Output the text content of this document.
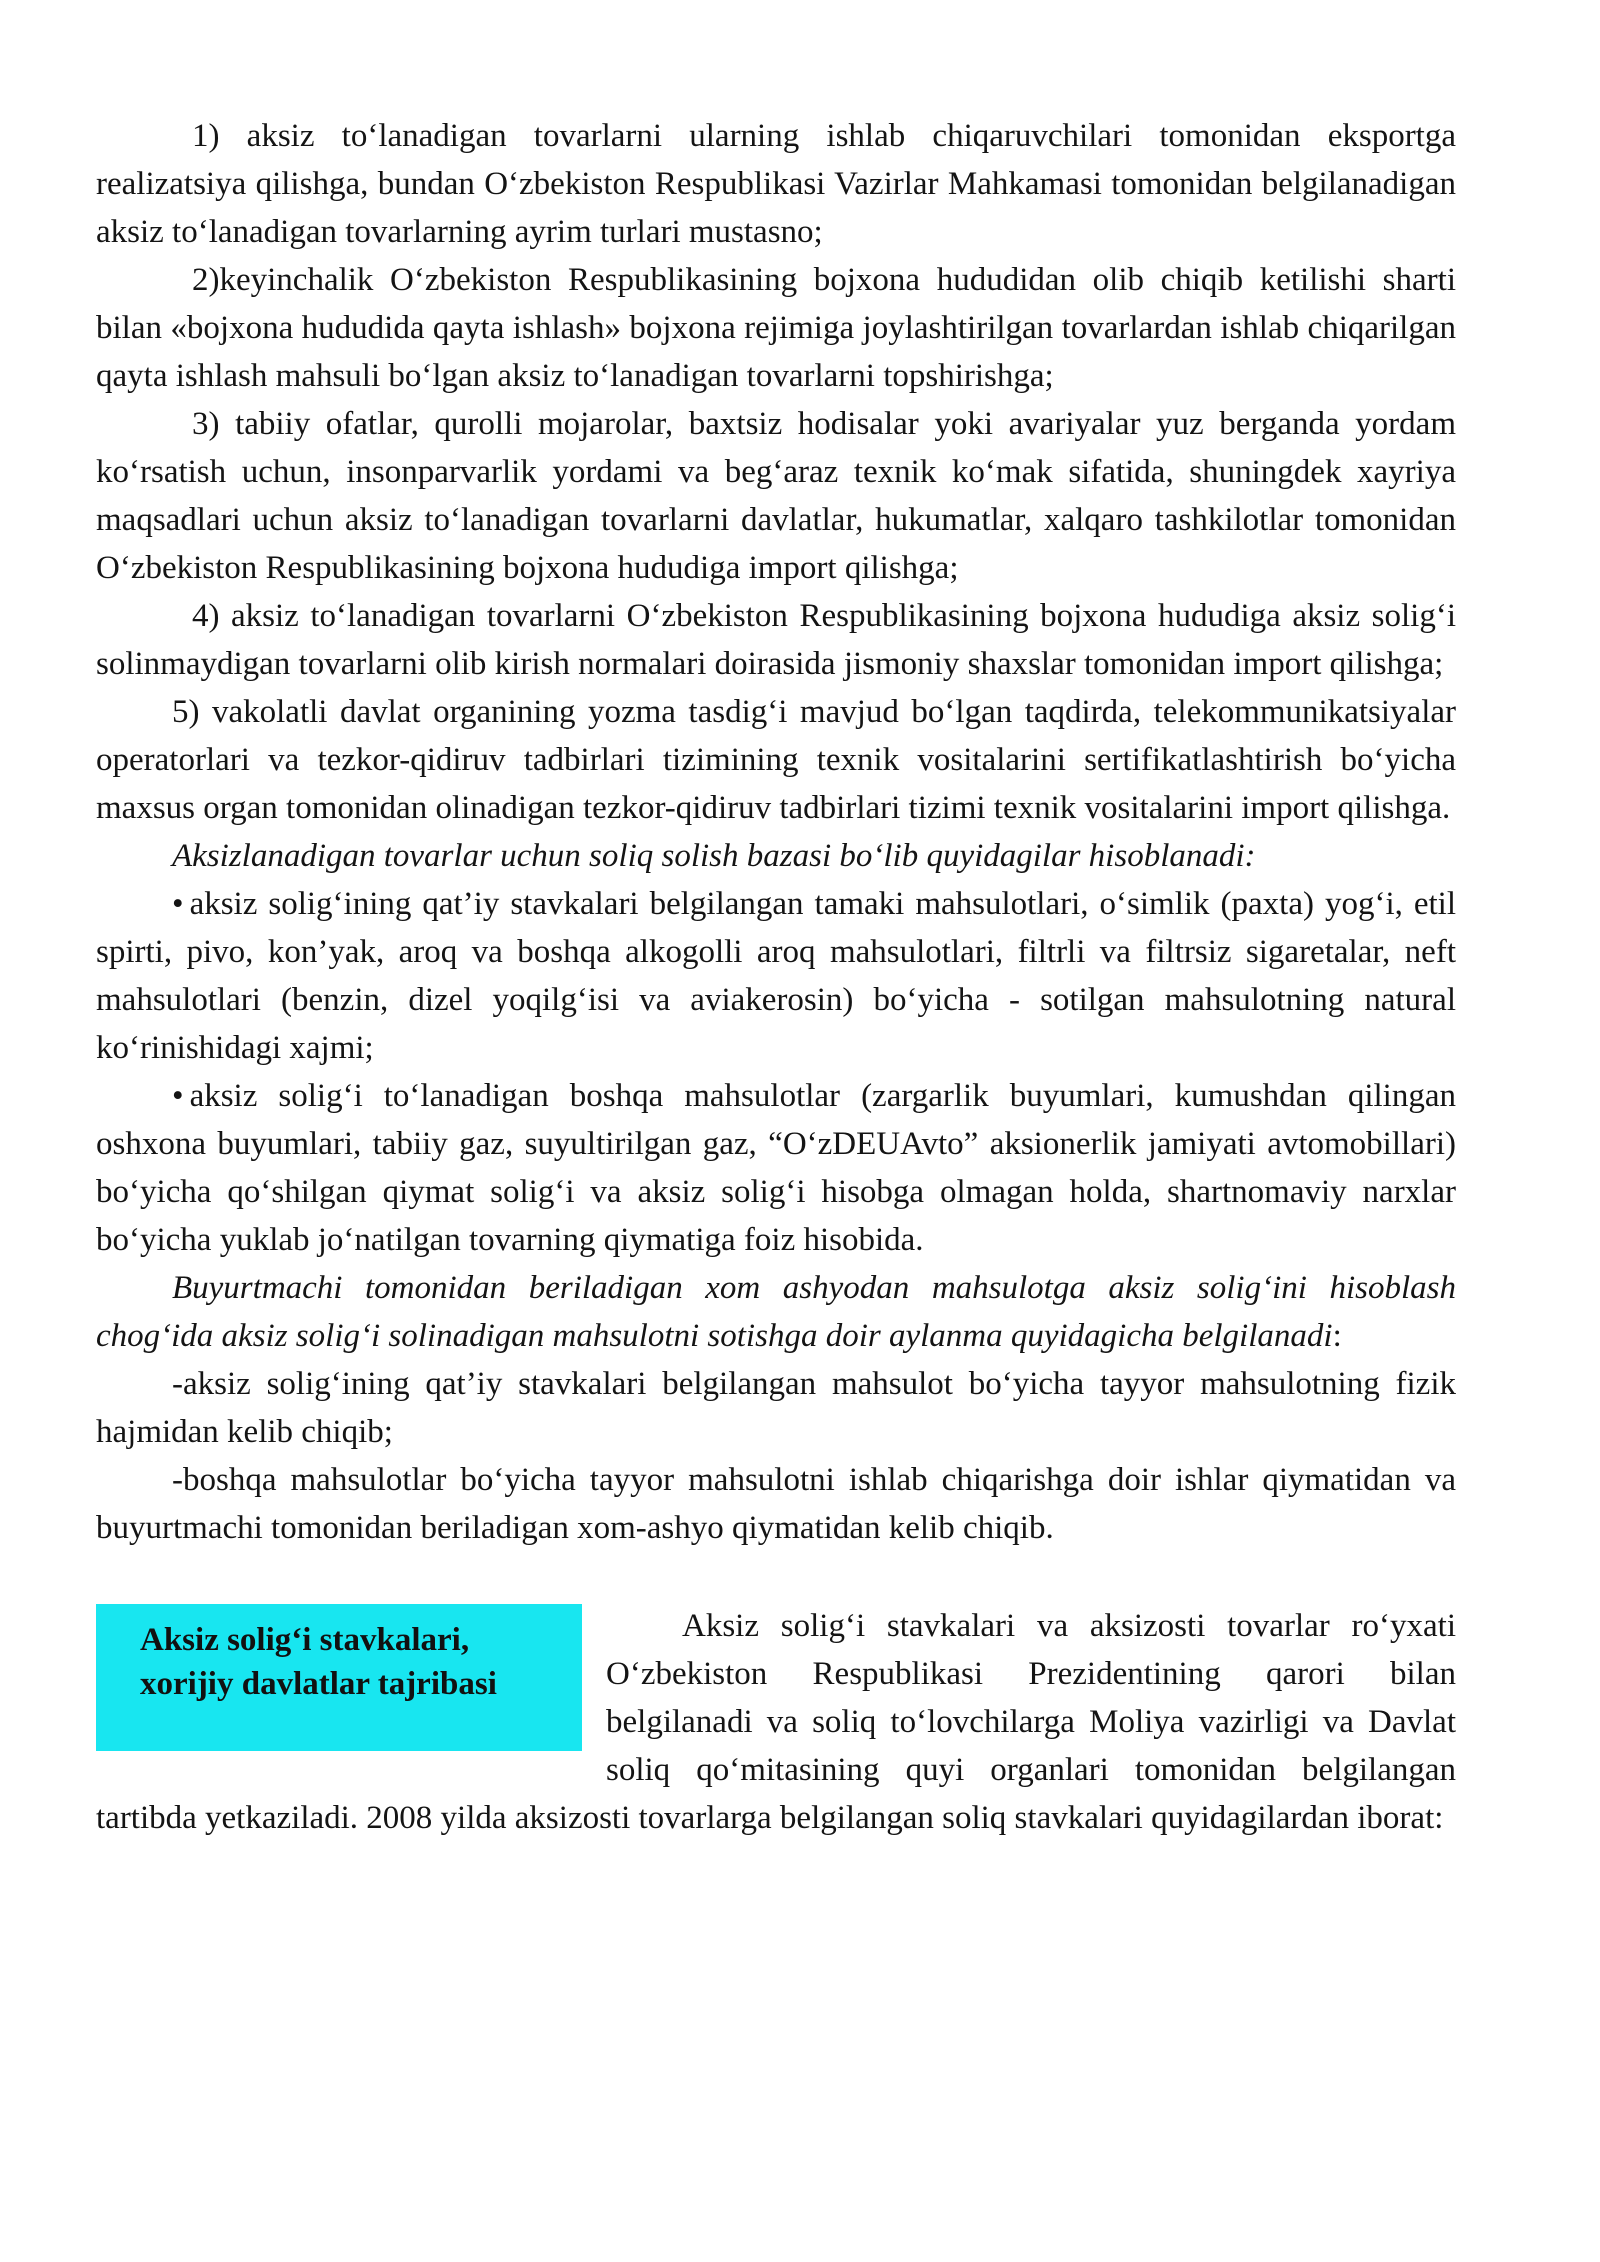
1) aksiz to‘lanadigan tovarlarni ularning ishlab chiqaruvchilari tomonidan eksportga realizatsiya qilishga, bundan O‘zbekiston Respublikasi Vazirlar Mahkamasi tomonidan belgilanadigan aksiz to‘lanadigan tovarlarning ayrim turlari mustasno;

2)keyinchalik O‘zbekiston Respublikasining bojxona hududidan olib chiqib ketilishi sharti bilan «bojxona hududida qayta ishlash» bojxona rejimiga joylashtirilgan tovarlardan ishlab chiqarilgan qayta ishlash mahsuli bo‘lgan aksiz to‘lanadigan tovarlarni topshirishga;

3) tabiiy ofatlar, qurolli mojarolar, baxtsiz hodisalar yoki avariyalar yuz berganda yordam ko‘rsatish uchun, insonparvarlik yordami va beg‘araz texnik ko‘mak sifatida, shuningdek xayriya maqsadlari uchun aksiz to‘lanadigan tovarlarni davlatlar, hukumatlar, xalqaro tashkilotlar tomonidan O‘zbekiston Respublikasining bojxona hududiga import qilishga;

4) aksiz to‘lanadigan tovarlarni O‘zbekiston Respublikasining bojxona hududiga aksiz solig‘i solinmaydigan tovarlarni olib kirish normalari doirasida jismoniy shaxslar tomonidan import qilishga;

5) vakolatli davlat organining yozma tasdig‘i mavjud bo‘lgan taqdirda, telekommunikatsiyalar operatorlari va tezkor-qidiruv tadbirlari tizimining texnik vositalarini sertifikatlashtirish bo‘yicha maxsus organ tomonidan olinadigan tezkor-qidiruv tadbirlari tizimi texnik vositalarini import qilishga.

Aksizlanadigan tovarlar uchun soliq solish bazasi bo‘lib quyidagilar hisoblanadi:

• aksiz solig‘ining qat’iy stavkalari belgilangan tamaki mahsulotlari, o‘simlik (paxta) yog‘i, etil spirti, pivo, kon’yak, aroq va boshqa alkogolli aroq mahsulotlari, filtrli va filtrsiz sigaretalar, neft mahsulotlari (benzin, dizel yoqilg‘isi va aviakerosin) bo‘yicha - sotilgan mahsulotning natural ko‘rinishidagi xajmi;

• aksiz solig‘i to‘lanadigan boshqa mahsulotlar (zargarlik buyumlari, kumushdan qilingan oshxona buyumlari, tabiiy gaz, suyultirilgan gaz, “O‘zDEUAvto” aksionerlik jamiyati avtomobillari) bo‘yicha qo‘shilgan qiymat solig‘i va aksiz solig‘i hisobga olmagan holda, shartnomaviy narxlar bo‘yicha yuklab jo‘natilgan tovarning qiymatiga foiz hisobida.

Buyurtmachi tomonidan beriladigan xom ashyodan mahsulotga aksiz solig‘ini hisoblash chog‘ida aksiz solig‘i solinadigan mahsulotni sotishga doir aylanma quyidagicha belgilanadi:

-aksiz solig‘ining qat’iy stavkalari belgilangan mahsulot bo‘yicha tayyor mahsulotning fizik hajmidan kelib chiqib;

-boshqa mahsulotlar bo‘yicha tayyor mahsulotni ishlab chiqarishga doir ishlar qiymatidan va buyurtmachi tomonidan beriladigan xom-ashyo qiymatidan kelib chiqib.

Aksiz solig‘i stavkalari,
xorijiy davlatlar tajribasi

Aksiz solig‘i stavkalari va aksizosti tovarlar ro‘yxati O‘zbekiston Respublikasi Prezidentining qarori bilan belgilanadi va soliq to‘lovchilarga Moliya vazirligi va Davlat soliq qo‘mitasining quyi organlari tomonidan belgilangan tartibda yetkaziladi. 2008 yilda aksizosti tovarlarga belgilangan soliq stavkalari quyidagilardan iborat:
